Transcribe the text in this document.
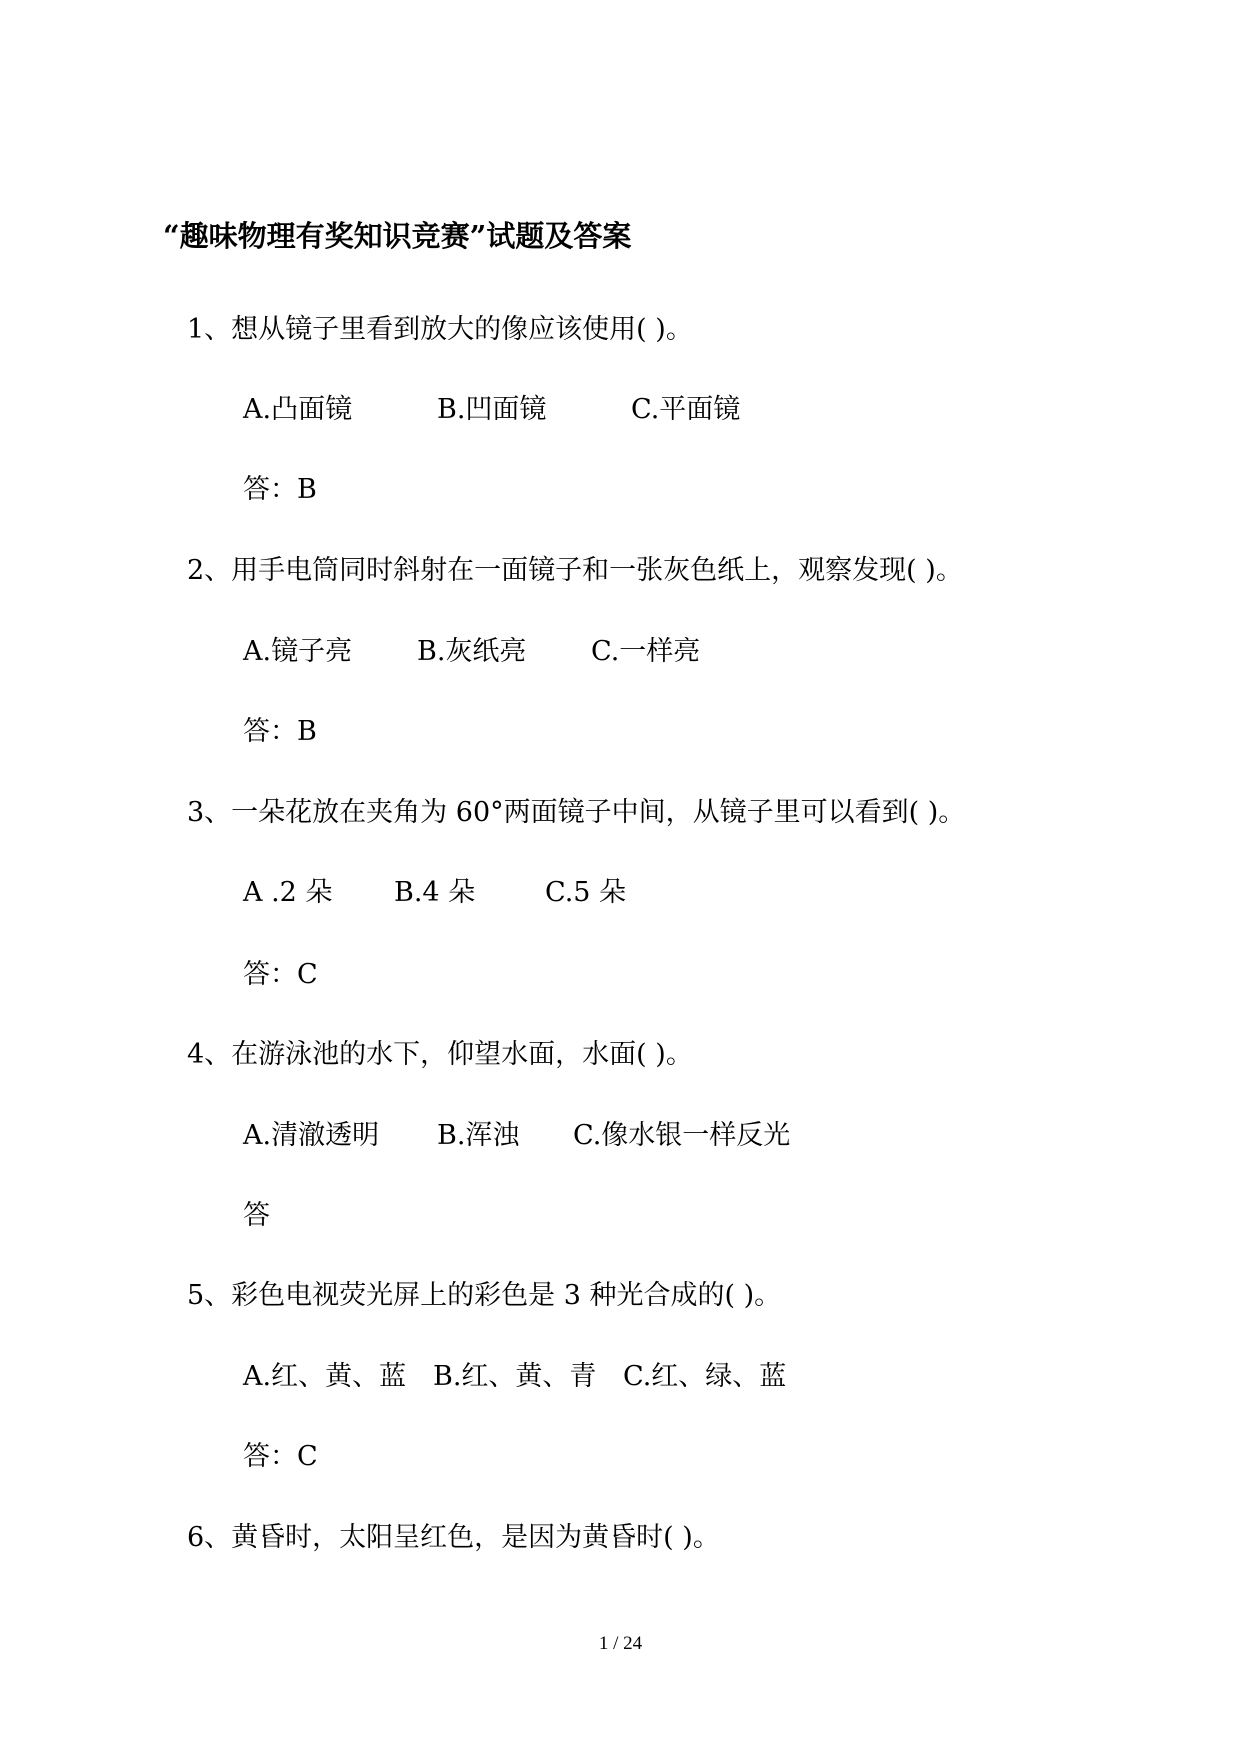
“趣味物理有奖知识竞赛”试题及答案
1、想从镜子里看到放大的像应该使用( )。
A.凸面镜	B.凹面镜	C.平面镜
答：B
2、用手电筒同时斜射在一面镜子和一张灰色纸上，观察发现( )。
A.镜子亮 B.灰纸亮 C.一样亮
答：B
3、一朵花放在夹角为 60°两面镜子中间，从镜子里可以看到( )。
A .2 朵 B.4 朵	C.5 朵
答：C
4、在游泳池的水下，仰望水面，水面( )。
A.清澈透明 B.浑浊 C.像水银一样反光
答
5、彩色电视荧光屏上的彩色是 3 种光合成的( )。
A.红、黄、蓝 B.红、黄、青 C.红、绿、蓝
答：C
6、黄昏时，太阳呈红色，是因为黄昏时( )。
1 / 24
